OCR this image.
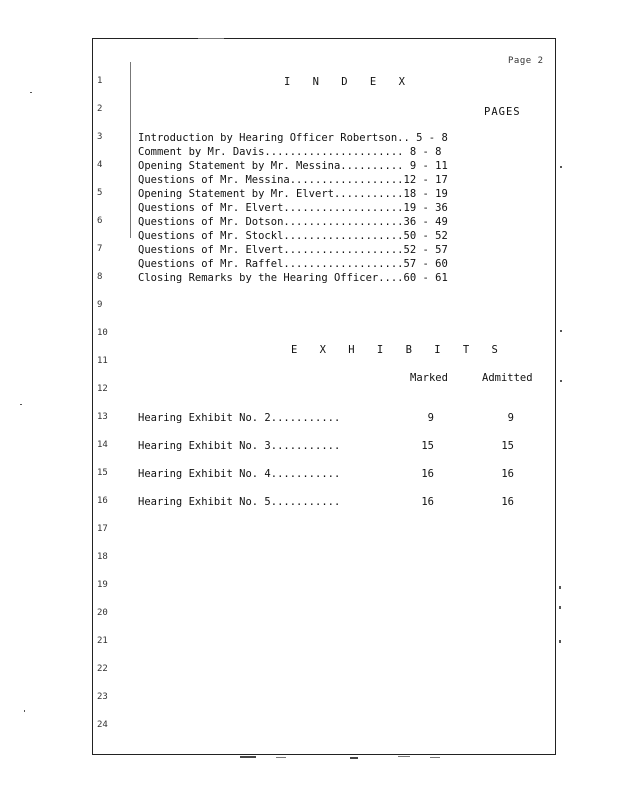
Page 2
1
2
3
4
5
6
7
8
9
10
11
12
13
14
15
16
17
18
19
20
21
22
23
24
I N D E X
PAGES
Introduction by Hearing Officer Robertson.. 5 - 8
Comment by Mr. Davis...................... 8 - 8
Opening Statement by Mr. Messina.......... 9 - 11
Questions of Mr. Messina..................12 - 17
Opening Statement by Mr. Elvert...........18 - 19
Questions of Mr. Elvert...................19 - 36
Questions of Mr. Dotson...................36 - 49
Questions of Mr. Stockl...................50 - 52
Questions of Mr. Elvert...................52 - 57
Questions of Mr. Raffel...................57 - 60
Closing Remarks by the Hearing Officer....60 - 61
E X H I B I T S
Marked	Admitted
Hearing Exhibit No. 2...........	9	9
Hearing Exhibit No. 3...........	15	15
Hearing Exhibit No. 4...........	16	16
Hearing Exhibit No. 5...........	16	16
